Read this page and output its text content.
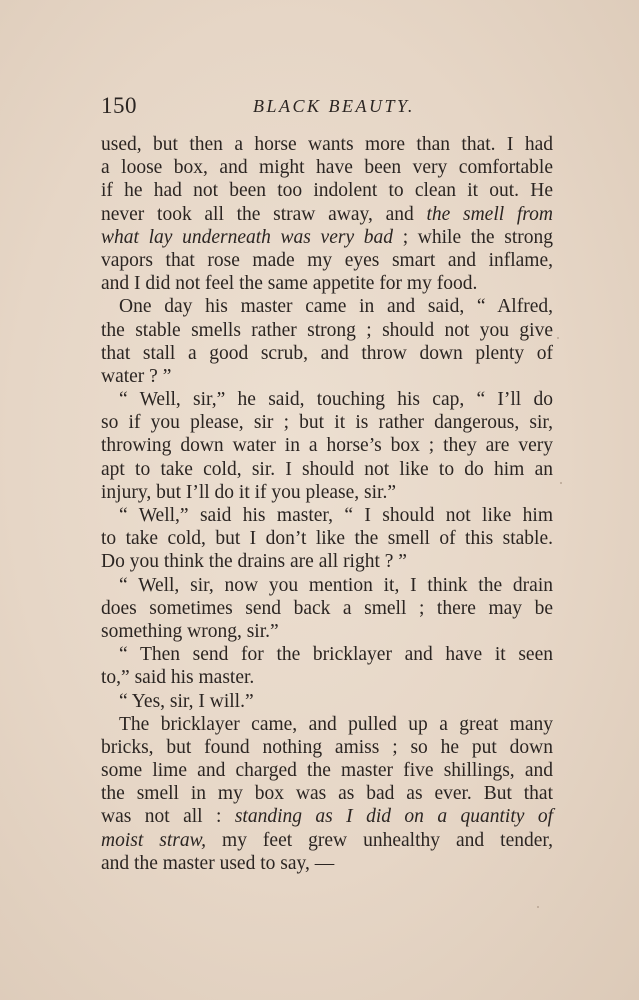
150	BLACK BEAUTY.
used, but then a horse wants more than that. I had
a loose box, and might have been very comfortable
if he had not been too indolent to clean it out. He
never took all the straw away, and the smell from
what lay underneath was very bad ; while the strong
vapors that rose made my eyes smart and inflame,
and I did not feel the same appetite for my food.
One day his master came in and said, “ Alfred,
the stable smells rather strong ; should not you give
that stall a good scrub, and throw down plenty of
water ? ”
“ Well, sir,” he said, touching his cap, “ I’ll do
so if you please, sir ; but it is rather dangerous, sir,
throwing down water in a horse’s box ; they are very
apt to take cold, sir. I should not like to do him an
injury, but I’ll do it if you please, sir.”
“ Well,” said his master, “ I should not like him
to take cold, but I don’t like the smell of this stable.
Do you think the drains are all right ? ”
“ Well, sir, now you mention it, I think the drain
does sometimes send back a smell ; there may be
something wrong, sir.”
“ Then send for the bricklayer and have it seen
to,” said his master.
“ Yes, sir, I will.”
The bricklayer came, and pulled up a great many
bricks, but found nothing amiss ; so he put down
some lime and charged the master five shillings, and
the smell in my box was as bad as ever. But that
was not all : standing as I did on a quantity of
moist straw, my feet grew unhealthy and tender,
and the master used to say, —
